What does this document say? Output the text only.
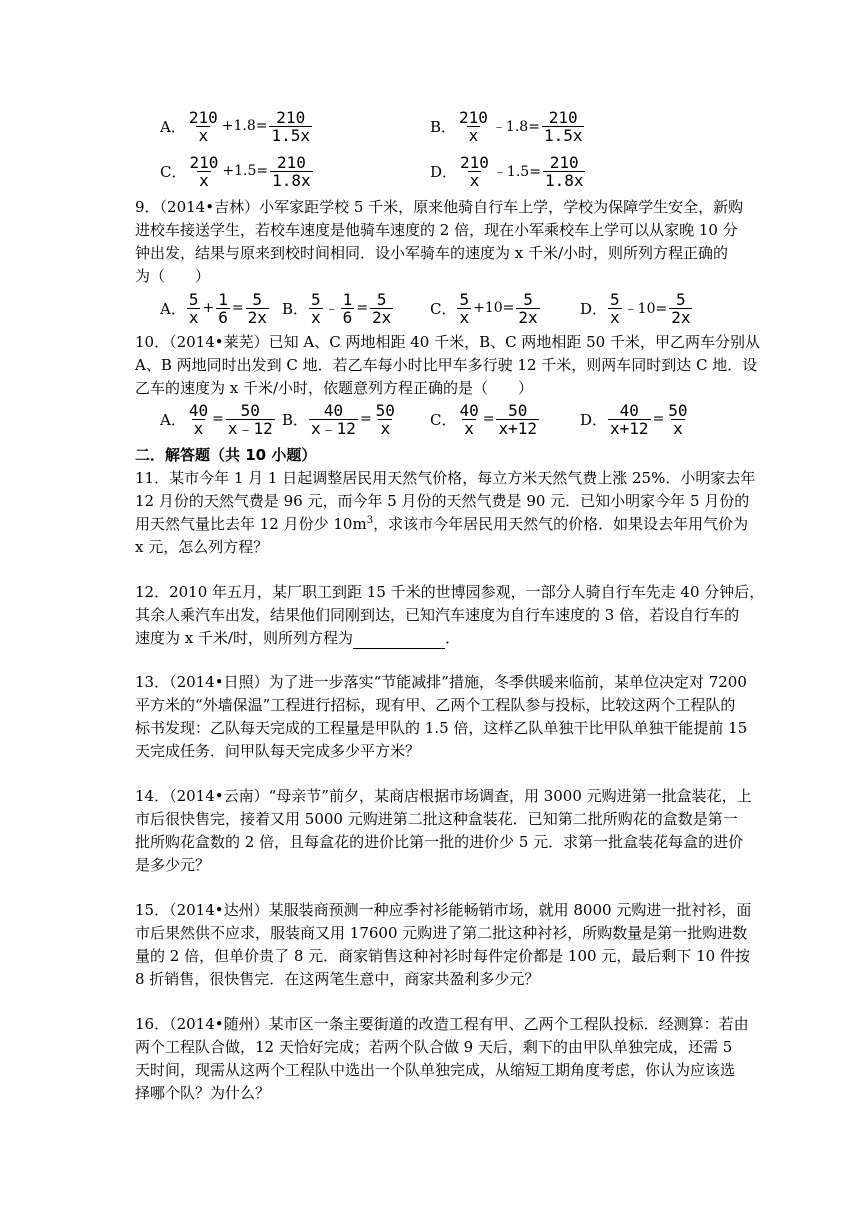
A． $\frac{210}{x} +1.8= \frac{210}{1.5x}$	B． $\frac{210}{x}$ ﹣1.8= $\frac{210}{1.5x}$
C． $\frac{210}{x} +1.5= \frac{210}{1.8x}$	D． $\frac{210}{x}$ ﹣1.5= $\frac{210}{1.8x}$
9．（2014•吉林）小军家距学校 5 千米，原来他骑自行车上学，学校为保障学生安全，新购
进校车接送学生，若校车速度是他骑车速度的 2 倍，现在小军乘校车上学可以从家晚 10 分
钟出发，结果与原来到校时间相同．设小军骑车的速度为 x 千米/小时，则所列方程正确的
为（　　）
A． $\frac{5}{x} + \frac{1}{6} = \frac{5}{2x}$ B． $\frac{5}{x}$ ﹣ $\frac{1}{6} = \frac{5}{2x}$ C． $\frac{5}{x} +10= \frac{5}{2x}$	D． $\frac{5}{x}$ ﹣10= $\frac{5}{2x}$
10．（2014•莱芜）已知 A、C 两地相距 40 千米，B、C 两地相距 50 千米，甲乙两车分别从
A、B 两地同时出发到 C 地．若乙车每小时比甲车多行驶 12 千米，则两车同时到达 C 地．设
乙车的速度为 x 千米/小时，依题意列方程正确的是（　　）
A． $\frac{40}{x} = \frac{50}{x﹣12}$ B． $\frac{40}{x﹣12} = \frac{50}{x}$ C． $\frac{40}{x} = \frac{50}{x+12}$	D． $\frac{40}{x+12} = \frac{50}{x}$
二．解答题（共 10 小题）
11．某市今年 1 月 1 日起调整居民用天然气价格，每立方米天然气费上涨 25%．小明家去年
12 月份的天然气费是 96 元，而今年 5 月份的天然气费是 90 元．已知小明家今年 5 月份的
用天然气量比去年 12 月份少 $10m^3$，求该市今年居民用天然气的价格．如果设去年用气价为
x 元，怎么列方程？
12．2010 年五月，某厂职工到距 15 千米的世博园参观，一部分人骑自行车先走 40 分钟后，
其余人乘汽车出发，结果他们同刚到达，已知汽车速度为自行车速度的 3 倍，若设自行车的
速度为 x 千米/时，则所列方程为	．
13．（2014•日照）为了进一步落实“节能减排”措施，冬季供暖来临前，某单位决定对 7200
平方米的“外墙保温”工程进行招标，现有甲、乙两个工程队参与投标，比较这两个工程队的
标书发现：乙队每天完成的工程量是甲队的 1.5 倍，这样乙队单独干比甲队单独干能提前 15
天完成任务．问甲队每天完成多少平方米？
14．（2014•云南）“母亲节”前夕，某商店根据市场调查，用 3000 元购进第一批盒装花，上
市后很快售完，接着又用 5000 元购进第二批这种盒装花．已知第二批所购花的盒数是第一
批所购花盒数的 2 倍，且每盒花的进价比第一批的进价少 5 元．求第一批盒装花每盒的进价
是多少元？
15．（2014•达州）某服装商预测一种应季衬衫能畅销市场，就用 8000 元购进一批衬衫，面
市后果然供不应求，服装商又用 17600 元购进了第二批这种衬衫，所购数量是第一批购进数
量的 2 倍，但单价贵了 8 元．商家销售这种衬衫时每件定价都是 100 元，最后剩下 10 件按
8 折销售，很快售完．在这两笔生意中，商家共盈利多少元？
16．（2014•随州）某市区一条主要街道的改造工程有甲、乙两个工程队投标．经测算：若由
两个工程队合做，12 天恰好完成；若两个队合做 9 天后，剩下的由甲队单独完成，还需 5
天时间，现需从这两个工程队中选出一个队单独完成，从缩短工期角度考虑，你认为应该选
择哪个队？为什么？
